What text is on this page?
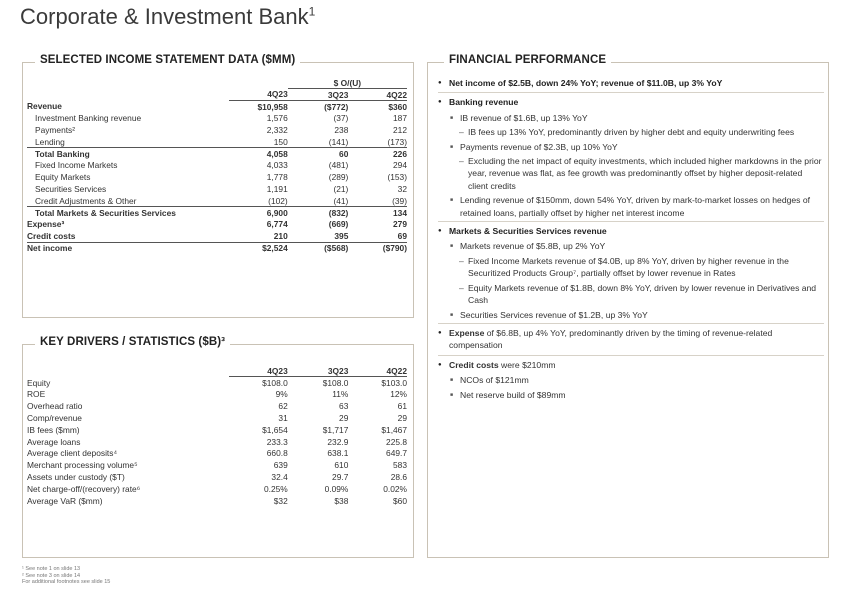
Corporate & Investment Bank$^1$
SELECTED INCOME STATEMENT DATA ($MM)
		$ O/(U)	
	4Q23	3Q23	4Q22
Revenue	$10,958	($772)	$360
Investment Banking revenue	1,576	(37)	187
Payments²	2,332	238	212
Lending	150	(141)	(173)
Total Banking	4,058	60	226
Fixed Income Markets	4,033	(481)	294
Equity Markets	1,778	(289)	(153)
Securities Services	1,191	(21)	32
Credit Adjustments & Other	(102)	(41)	(39)
Total Markets & Securities Services	6,900	(832)	134
Expense³	6,774	(669)	279
Credit costs	210	395	69
Net income	$2,524	($568)	($790)
KEY DRIVERS / STATISTICS ($B)³
	4Q23	3Q23	4Q22
Equity	$108.0	$108.0	$103.0
ROE	9%	11%	12%
Overhead ratio	62	63	61
Comp/revenue	31	29	29
IB fees ($mm)	$1,654	$1,717	$1,467
Average loans	233.3	232.9	225.8
Average client deposits⁴	660.8	638.1	649.7
Merchant processing volume⁵	639	610	583
Assets under custody ($T)	32.4	29.7	28.6
Net charge-off/(recovery) rate⁶	0.25%	0.09%	0.02%
Average VaR ($mm)	$32	$38	$60
FINANCIAL PERFORMANCE
● Net income of $2.5B, down 24% YoY; revenue of $11.0B, up 3% YoY
● Banking revenue
■ IB revenue of $1.6B, up 13% YoY
– IB fees up 13% YoY, predominantly driven by higher debt and equity underwriting fees
■ Payments revenue of $2.3B, up 10% YoY
– Excluding the net impact of equity investments, which included higher markdowns in the prior year, revenue was flat, as fee growth was predominantly offset by higher deposit-related client credits
■ Lending revenue of $150mm, down 54% YoY, driven by mark-to-market losses on hedges of retained loans, partially offset by higher net interest income
● Markets & Securities Services revenue
■ Markets revenue of $5.8B, up 2% YoY
– Fixed Income Markets revenue of $4.0B, up 8% YoY, driven by higher revenue in the Securitized Products Group⁷, partially offset by lower revenue in Rates
– Equity Markets revenue of $1.8B, down 8% YoY, driven by lower revenue in Derivatives and Cash
■ Securities Services revenue of $1.2B, up 3% YoY
● Expense of $6.8B, up 4% YoY, predominantly driven by the timing of revenue-related compensation
● Credit costs were $210mm
■ NCOs of $121mm
■ Net reserve build of $89mm
¹ See note 1 on slide 13
² See note 3 on slide 14
For additional footnotes see slide 15
